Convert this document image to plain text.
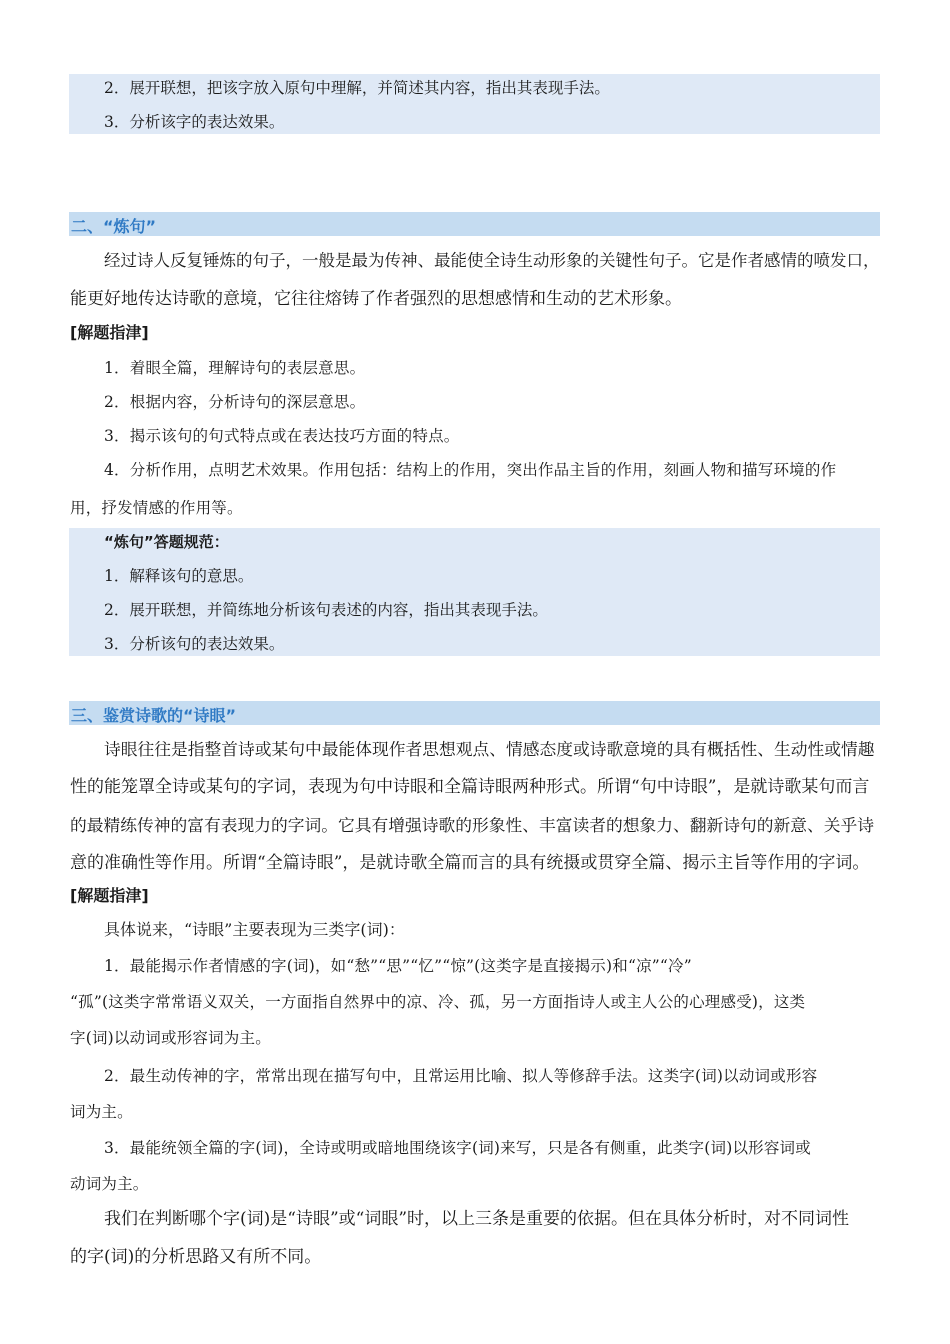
2．展开联想，把该字放入原句中理解，并简述其内容，指出其表现手法。
3．分析该字的表达效果。
二、“炼句”
经过诗人反复锤炼的句子，一般是最为传神、最能使全诗生动形象的关键性句子。它是作者感情的喷发口，
能更好地传达诗歌的意境，它往往熔铸了作者强烈的思想感情和生动的艺术形象。
[解题指津]
1．着眼全篇，理解诗句的表层意思。
2．根据内容，分析诗句的深层意思。
3．揭示该句的句式特点或在表达技巧方面的特点。
4．分析作用，点明艺术效果。作用包括：结构上的作用，突出作品主旨的作用，刻画人物和描写环境的作
用，抒发情感的作用等。
“炼句”答题规范：
1．解释该句的意思。
2．展开联想，并简练地分析该句表述的内容，指出其表现手法。
3．分析该句的表达效果。
三、鉴赏诗歌的“诗眼”
诗眼往往是指整首诗或某句中最能体现作者思想观点、情感态度或诗歌意境的具有概括性、生动性或情趣
性的能笼罩全诗或某句的字词，表现为句中诗眼和全篇诗眼两种形式。所谓“句中诗眼”，是就诗歌某句而言
的最精练传神的富有表现力的字词。它具有增强诗歌的形象性、丰富读者的想象力、翻新诗句的新意、关乎诗
意的准确性等作用。所谓“全篇诗眼”，是就诗歌全篇而言的具有统摄或贯穿全篇、揭示主旨等作用的字词。
[解题指津]
具体说来，“诗眼”主要表现为三类字(词)：
1．最能揭示作者情感的字(词)，如“愁”“思”“忆”“惊”(这类字是直接揭示)和“凉”“冷”
“孤”(这类字常常语义双关，一方面指自然界中的凉、冷、孤，另一方面指诗人或主人公的心理感受)，这类
字(词)以动词或形容词为主。
2．最生动传神的字，常常出现在描写句中，且常运用比喻、拟人等修辞手法。这类字(词)以动词或形容
词为主。
3．最能统领全篇的字(词)，全诗或明或暗地围绕该字(词)来写，只是各有侧重，此类字(词)以形容词或
动词为主。
我们在判断哪个字(词)是“诗眼”或“词眼”时，以上三条是重要的依据。但在具体分析时，对不同词性
的字(词)的分析思路又有所不同。
